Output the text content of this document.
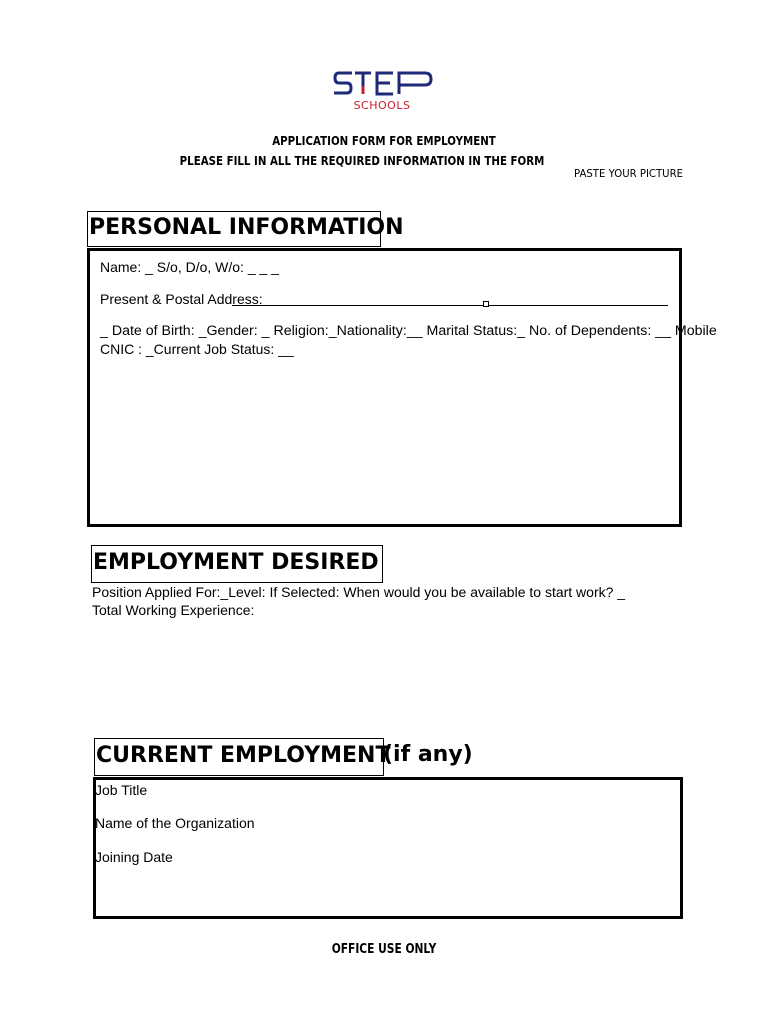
SCHOOLS
APPLICATION FORM FOR EMPLOYMENT
PLEASE FILL IN ALL THE REQUIRED INFORMATION IN THE FORM
PASTE YOUR PICTURE
PERSONAL INFORMATION
Name: _ S/o, D/o, W/o: _ _ _
Present & Postal Address:
_ Date of Birth: _Gender: _ Religion:_Nationality:__ Marital Status:_ No. of Dependents: __ Mobile
CNIC : _Current Job Status: __
EMPLOYMENT DESIRED
Position Applied For:_Level: If Selected: When would you be available to start work? _
Total Working Experience:
CURRENT EMPLOYMENT
(if any)
Job Title
Name of the Organization
Joining Date
OFFICE USE ONLY
